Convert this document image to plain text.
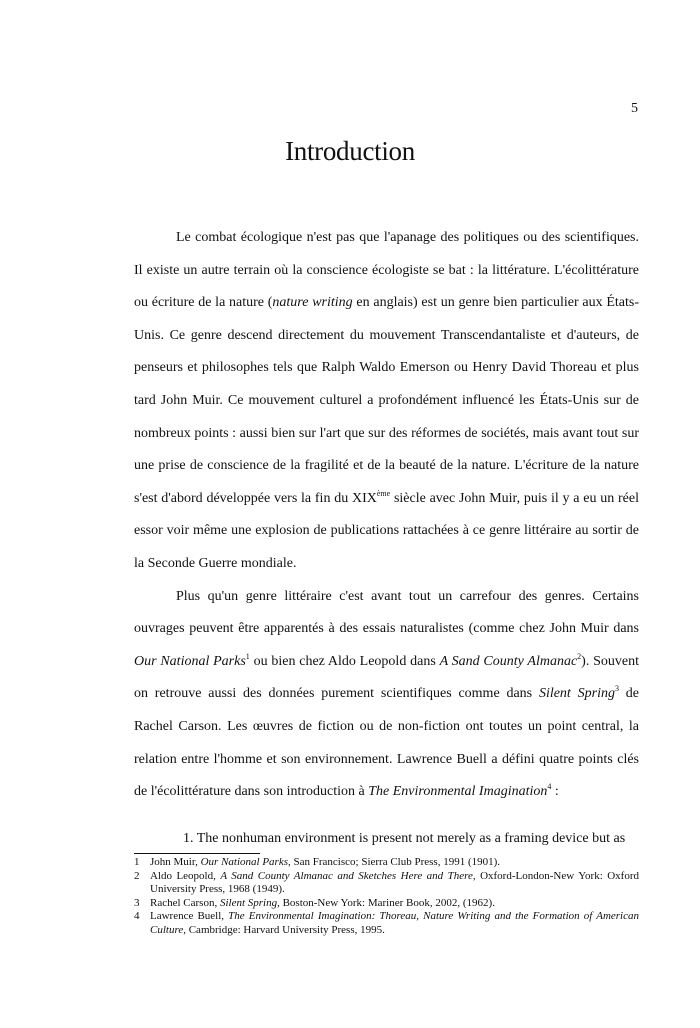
5
Introduction

Le combat écologique n'est pas que l'apanage des politiques ou des scientifiques. Il existe un autre terrain où la conscience écologiste se bat : la littérature. L'écolittérature ou écriture de la nature (nature writing en anglais) est un genre bien particulier aux États-Unis. Ce genre descend directement du mouvement Transcendantaliste et d'auteurs, de penseurs et philosophes tels que Ralph Waldo Emerson ou Henry David Thoreau et plus tard John Muir. Ce mouvement culturel a profondément influencé les États-Unis sur de nombreux points : aussi bien sur l'art que sur des réformes de sociétés, mais avant tout sur une prise de conscience de la fragilité et de la beauté de la nature. L'écriture de la nature s'est d'abord développée vers la fin du XIXème siècle avec John Muir, puis il y a eu un réel essor voir même une explosion de publications rattachées à ce genre littéraire au sortir de la Seconde Guerre mondiale.

Plus qu'un genre littéraire c'est avant tout un carrefour des genres. Certains ouvrages peuvent être apparentés à des essais naturalistes (comme chez John Muir dans Our National Parks$^1$ ou bien chez Aldo Leopold dans A Sand County Almanac$^2$). Souvent on retrouve aussi des données purement scientifiques comme dans Silent Spring$^3$ de Rachel Carson. Les œuvres de fiction ou de non-fiction ont toutes un point central, la relation entre l'homme et son environnement. Lawrence Buell a défini quatre points clés de l'écolittérature dans son introduction à The Environmental Imagination$^4$ :

1. The nonhuman environment is present not merely as a framing device but as
1 John Muir, Our National Parks, San Francisco; Sierra Club Press, 1991 (1901).
2 Aldo Leopold, A Sand County Almanac and Sketches Here and There, Oxford-London-New York: Oxford University Press, 1968 (1949).
3 Rachel Carson, Silent Spring, Boston-New York: Mariner Book, 2002, (1962).
4 Lawrence Buell, The Environmental Imagination: Thoreau, Nature Writing and the Formation of American Culture, Cambridge: Harvard University Press, 1995.
